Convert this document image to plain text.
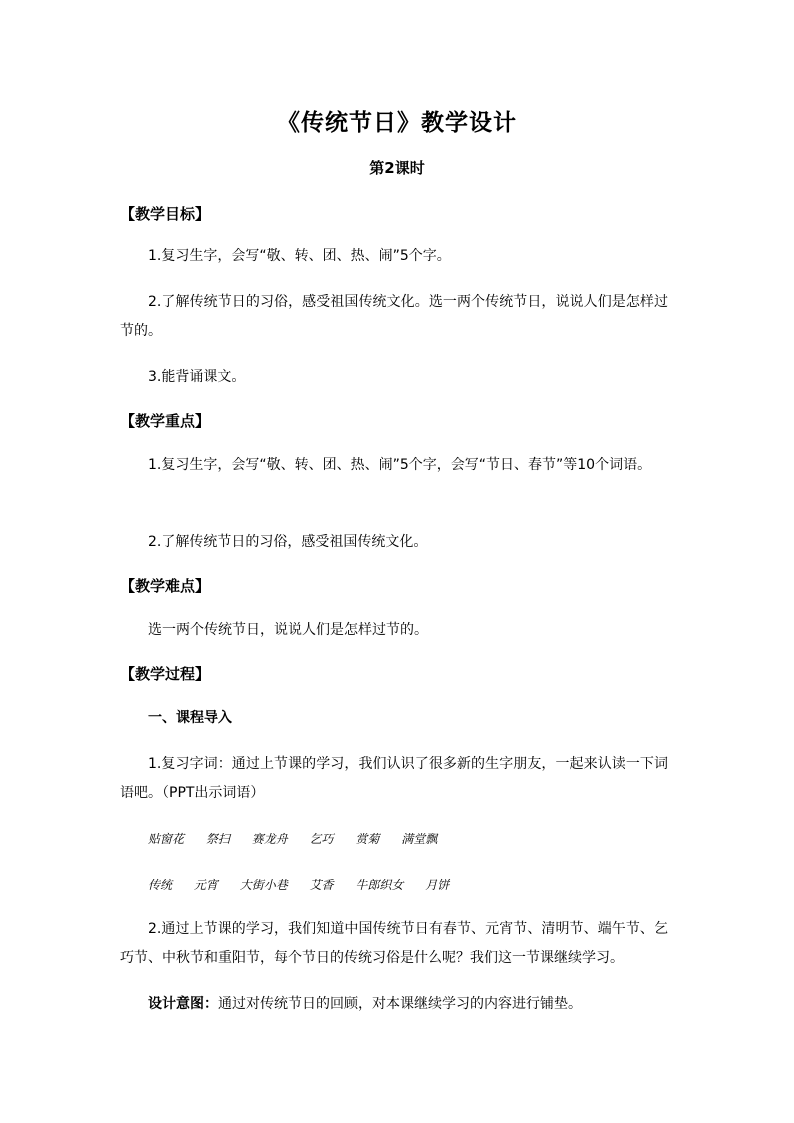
《传统节日》教学设计
第2课时
【教学目标】
1.复习生字，会写“敬、转、团、热、闹”5个字。
2.了解传统节日的习俗，感受祖国传统文化。选一两个传统节日，说说人们是怎样过节的。
3.能背诵课文。
【教学重点】
1.复习生字，会写“敬、转、团、热、闹”5个字，会写“节日、春节”等10个词语。
2.了解传统节日的习俗，感受祖国传统文化。
【教学难点】
选一两个传统节日，说说人们是怎样过节的。
【教学过程】
一、课程导入
1.复习字词：通过上节课的学习，我们认识了很多新的生字朋友，一起来认读一下词语吧。（PPT出示词语）
贴窗花 祭扫 赛龙舟 乞巧 赏菊 满堂飘
传统 元宵 大街小巷 艾香 牛郎织女 月饼
2.通过上节课的学习，我们知道中国传统节日有春节、元宵节、清明节、端午节、乞巧节、中秋节和重阳节，每个节日的传统习俗是什么呢？我们这一节课继续学习。
设计意图：通过对传统节日的回顾，对本课继续学习的内容进行铺垫。
